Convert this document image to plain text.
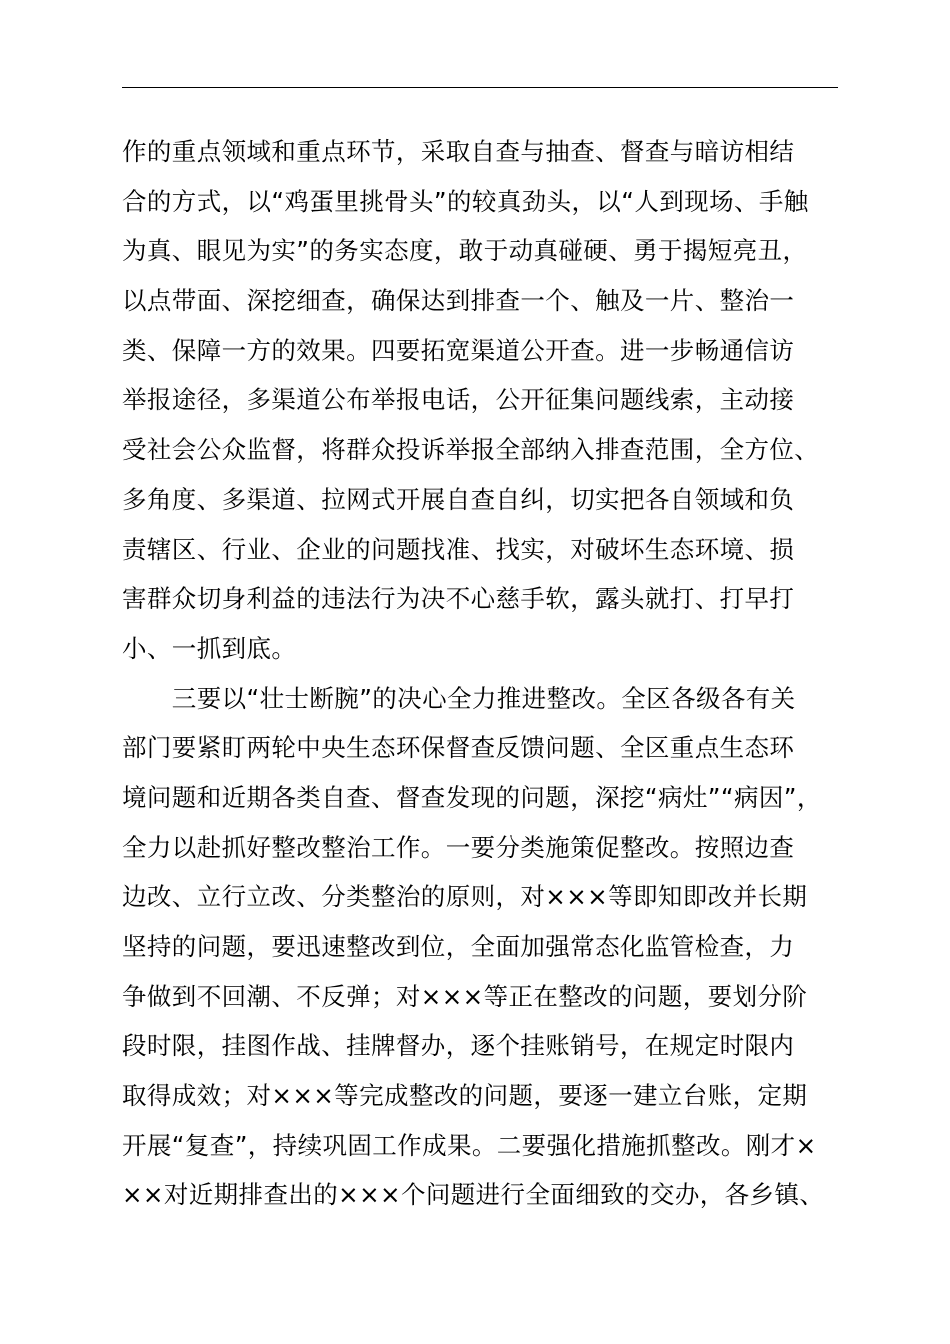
作的重点领域和重点环节，采取自查与抽查、督查与暗访相结
合的方式，以“鸡蛋里挑骨头”的较真劲头，以“人到现场、手触
为真、眼见为实”的务实态度，敢于动真碰硬、勇于揭短亮丑，
以点带面、深挖细查，确保达到排查一个、触及一片、整治一
类、保障一方的效果。四要拓宽渠道公开查。进一步畅通信访
举报途径，多渠道公布举报电话，公开征集问题线索，主动接
受社会公众监督，将群众投诉举报全部纳入排查范围，全方位、
多角度、多渠道、拉网式开展自查自纠，切实把各自领域和负
责辖区、行业、企业的问题找准、找实，对破坏生态环境、损
害群众切身利益的违法行为决不心慈手软，露头就打、打早打
小、一抓到底。
　　三要以“壮士断腕”的决心全力推进整改。全区各级各有关
部门要紧盯两轮中央生态环保督查反馈问题、全区重点生态环
境问题和近期各类自查、督查发现的问题，深挖“病灶”“病因”，
全力以赴抓好整改整治工作。一要分类施策促整改。按照边查
边改、立行立改、分类整治的原则，对×××等即知即改并长期
坚持的问题，要迅速整改到位，全面加强常态化监管检查，力
争做到不回潮、不反弹；对×××等正在整改的问题，要划分阶
段时限，挂图作战、挂牌督办，逐个挂账销号，在规定时限内
取得成效；对×××等完成整改的问题，要逐一建立台账，定期
开展“复查”，持续巩固工作成果。二要强化措施抓整改。刚才×
××对近期排查出的×××个问题进行全面细致的交办，各乡镇、
